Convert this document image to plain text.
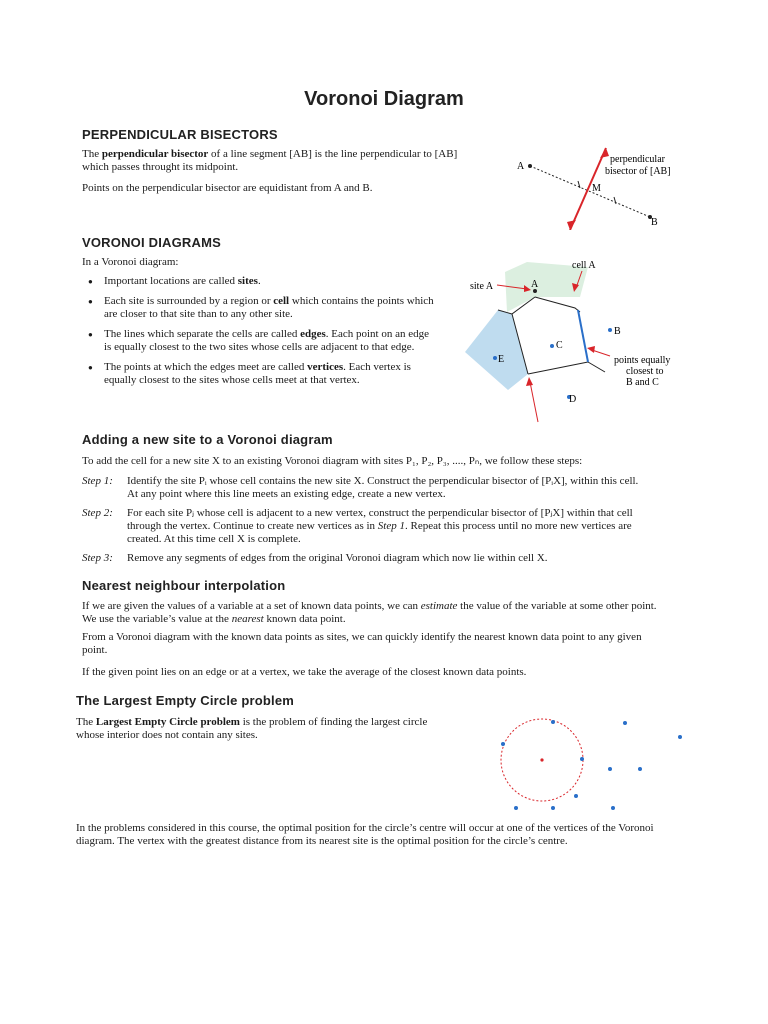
Voronoi Diagram
PERPENDICULAR BISECTORS
The perpendicular bisector of a line segment [AB] is the line perpendicular to [AB]
which passes throught its midpoint.
Points on the perpendicular bisector are equidistant from A and B.
A
B
M
perpendicular
bisector of [AB]
VORONOI DIAGRAMS
In a Voronoi diagram:
● Important locations are called sites.
● Each site is surrounded by a region or cell which contains the points which
are closer to that site than to any other site.
● The lines which separate the cells are called edges. Each point on an edge
is equally closest to the two sites whose cells are adjacent to that edge.
● The points at which the edges meet are called vertices. Each vertex is
equally closest to the sites whose cells meet at that vertex.
A
site A
cell A
B
C
D
E	points equally
closest to
B and C
Adding a new site to a Voronoi diagram
To add the cell for a new site X to an existing Voronoi diagram with sites P₁, P₂, P₃, ...., Pₙ, we follow these steps:
Step 1: Identify the site Pᵢ whose cell contains the new site X. Construct the perpendicular bisector of [PᵢX], within this cell.
At any point where this line meets an existing edge, create a new vertex.
Step 2: For each site Pⱼ whose cell is adjacent to a new vertex, construct the perpendicular bisector of [PⱼX] within that cell
through the vertex. Continue to create new vertices as in Step 1. Repeat this process until no more new vertices are
created. At this time cell X is complete.
Step 3: Remove any segments of edges from the original Voronoi diagram which now lie within cell X.
Nearest neighbour interpolation
If we are given the values of a variable at a set of known data points, we can estimate the value of the variable at some other point.
We use the variable’s value at the nearest known data point.
From a Voronoi diagram with the known data points as sites, we can quickly identify the nearest known data point to any given
point.
If the given point lies on an edge or at a vertex, we take the average of the closest known data points.
The Largest Empty Circle problem
The Largest Empty Circle problem is the problem of finding the largest circle
whose interior does not contain any sites.
In the problems considered in this course, the optimal position for the circle’s centre will occur at one of the vertices of the Voronoi
diagram. The vertex with the greatest distance from its nearest site is the optimal position for the circle’s centre.
